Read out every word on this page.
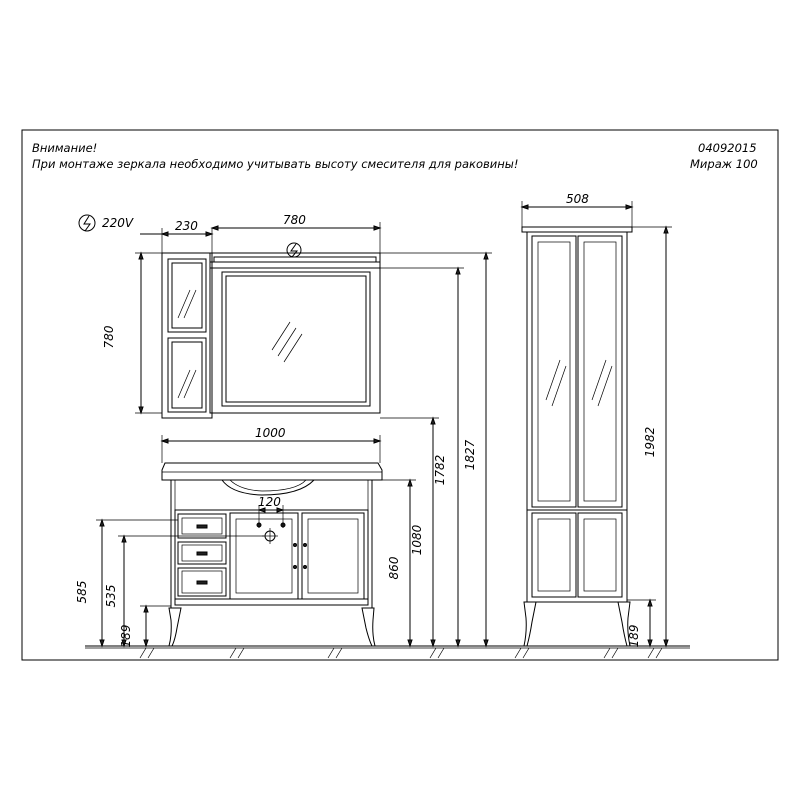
Внимание!
При монтаже зеркала необходимо учитывать высоту смесителя для раковины!
04092015
Мираж 100
220V	230	780
780
120
1000
585 535
189
860
1080
1782 1827
508
1982
189
